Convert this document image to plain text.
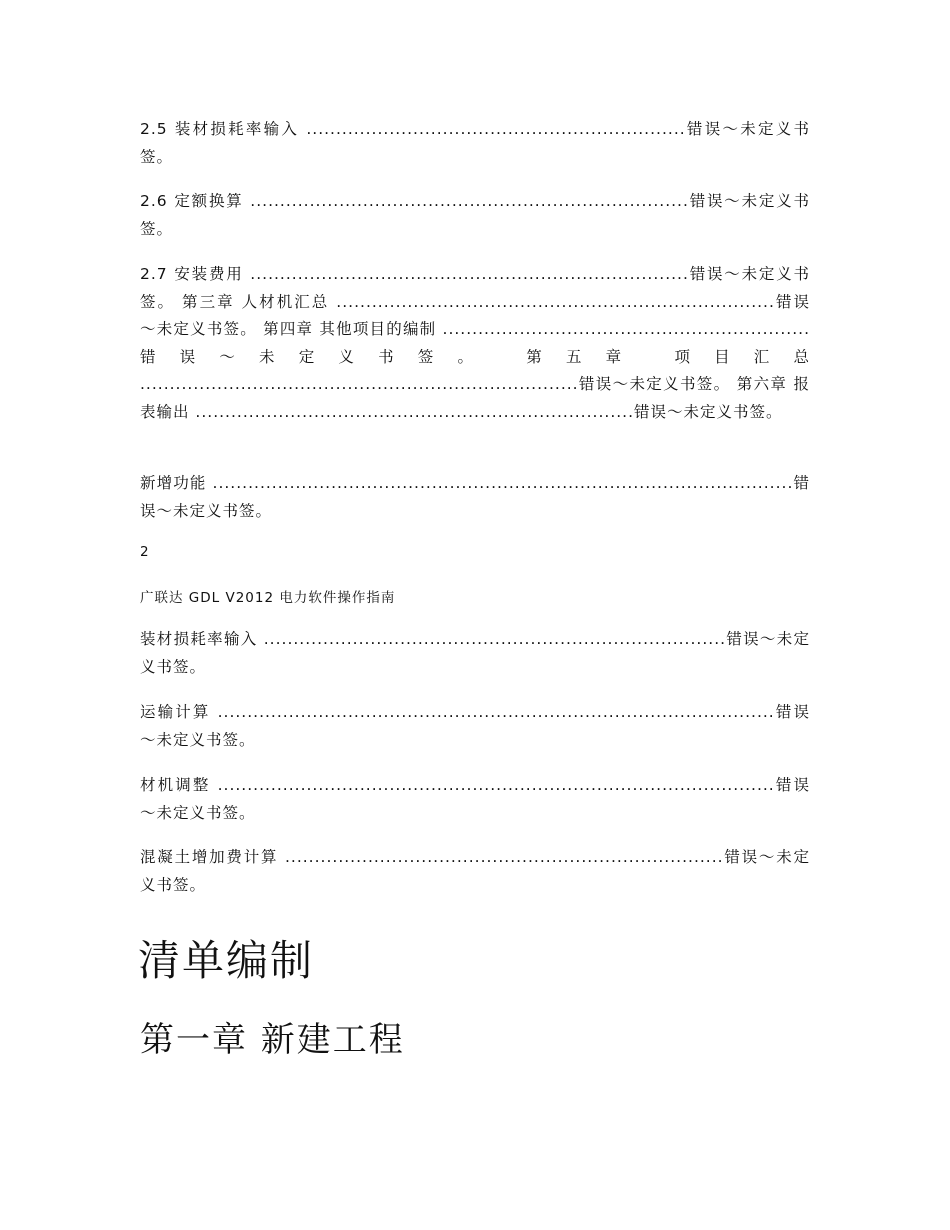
2.5 装材损耗率输入 ................................................................错误～未定义书签。

2.6 定额换算 ..........................................................................错误～未定义书签。

2.7 安装费用 ..........................................................................错误～未定义书签。 第三章 人材机汇总 ..........................................................................错误～未定义书签。 第四章 其他项目的编制 ..............................................................错误～未定义书签。 第五章 项目汇总 ..........................................................................错误～未定义书签。 第六章 报表输出 ..........................................................................错误～未定义书签。

新增功能 ..................................................................................................错误～未定义书签。

2

广联达 GDL V2012 电力软件操作指南

装材损耗率输入 ..............................................................................错误～未定义书签。

运输计算 ..............................................................................................错误～未定义书签。

材机调整 ..............................................................................................错误～未定义书签。

混凝土增加费计算 ..........................................................................错误～未定义书签。

清单编制
第一章 新建工程
